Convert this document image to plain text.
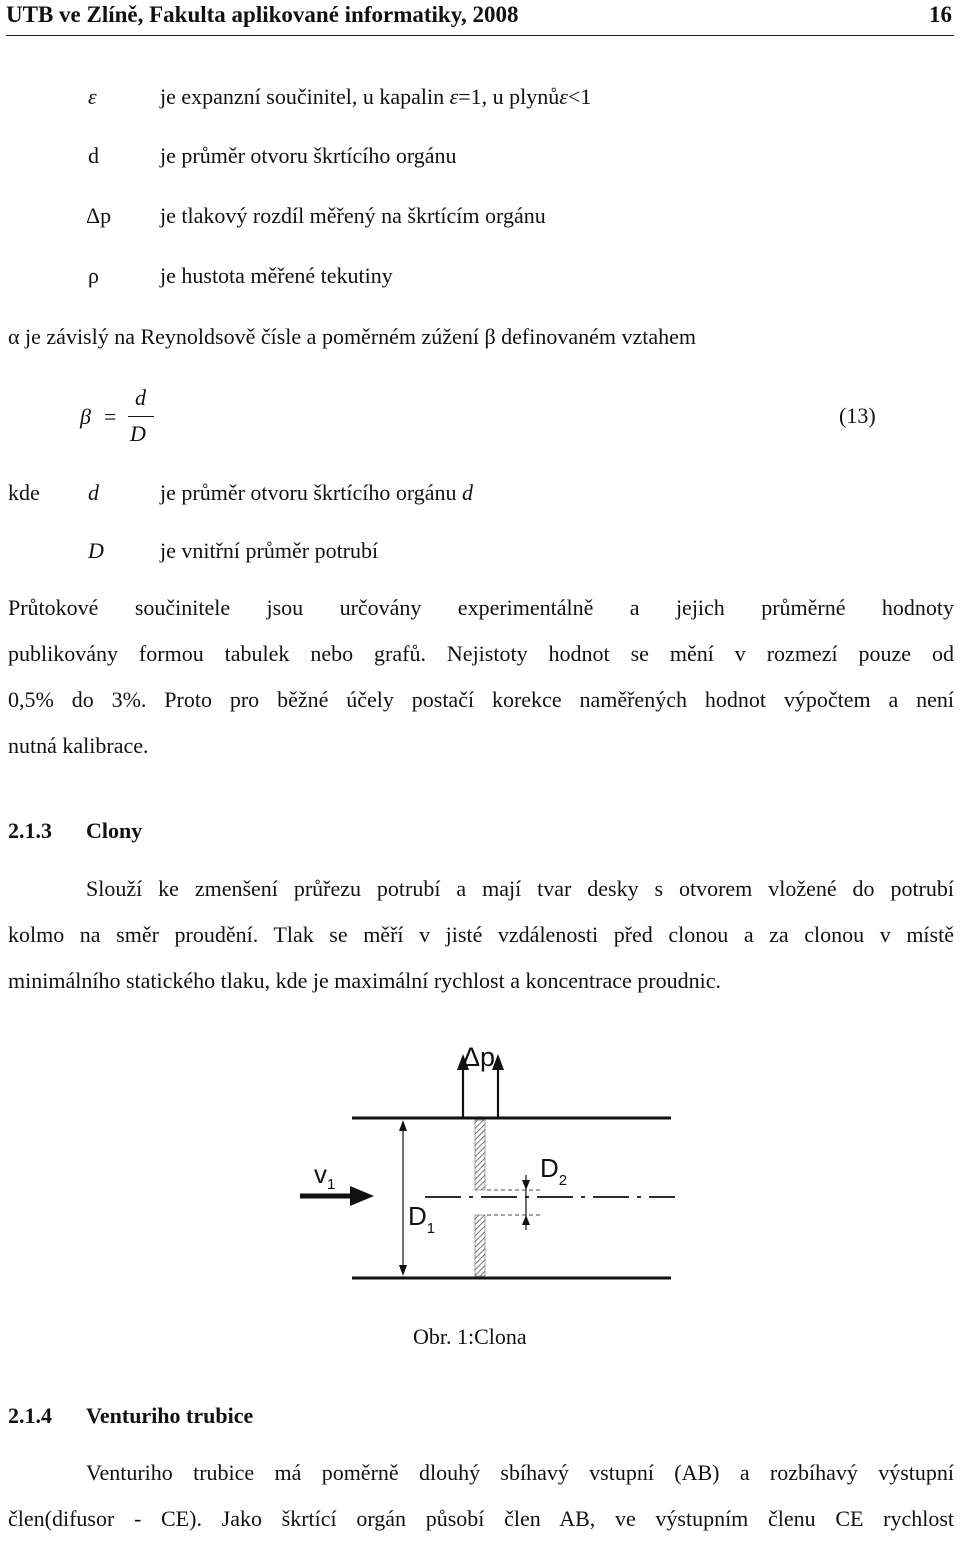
UTB ve Zlíně, Fakulta aplikované informatiky, 2008	16
ε	je expanzní součinitel, u kapalin ε=1, u plynůε<1
d	je průměr otvoru škrtícího orgánu
Δp je tlakový rozdíl měřený na škrtícím orgánu
ρ	je hustota měřené tekutiny
α je závislý na Reynoldsově čísle a poměrném zúžení β definovaném vztahem
β =
d
D
(13)
kde d	je průměr otvoru škrtícího orgánu d
D	je vnitřní průměr potrubí
Průtokové součinitele jsou určovány experimentálně a jejich průměrné hodnoty
publikovány formou tabulek nebo grafů. Nejistoty hodnot se mění v rozmezí pouze od
0,5% do 3%. Proto pro běžné účely postačí korekce naměřených hodnot výpočtem a není
nutná kalibrace.
2.1.3 Clony
Slouží ke zmenšení průřezu potrubí a mají tvar desky s otvorem vložené do potrubí
kolmo na směr proudění. Tlak se měří v jisté vzdálenosti před clonou a za clonou v místě
minimálního statického tlaku, kde je maximální rychlost a koncentrace proudnic.
Δp
$v_1$
$D_1$
$D_2$
Obr. 1:Clona
2.1.4 Venturiho trubice
Venturiho trubice má poměrně dlouhý sbíhavý vstupní (AB) a rozbíhavý výstupní
člen(difusor - CE). Jako škrtící orgán působí člen AB, ve výstupním členu CE rychlost
